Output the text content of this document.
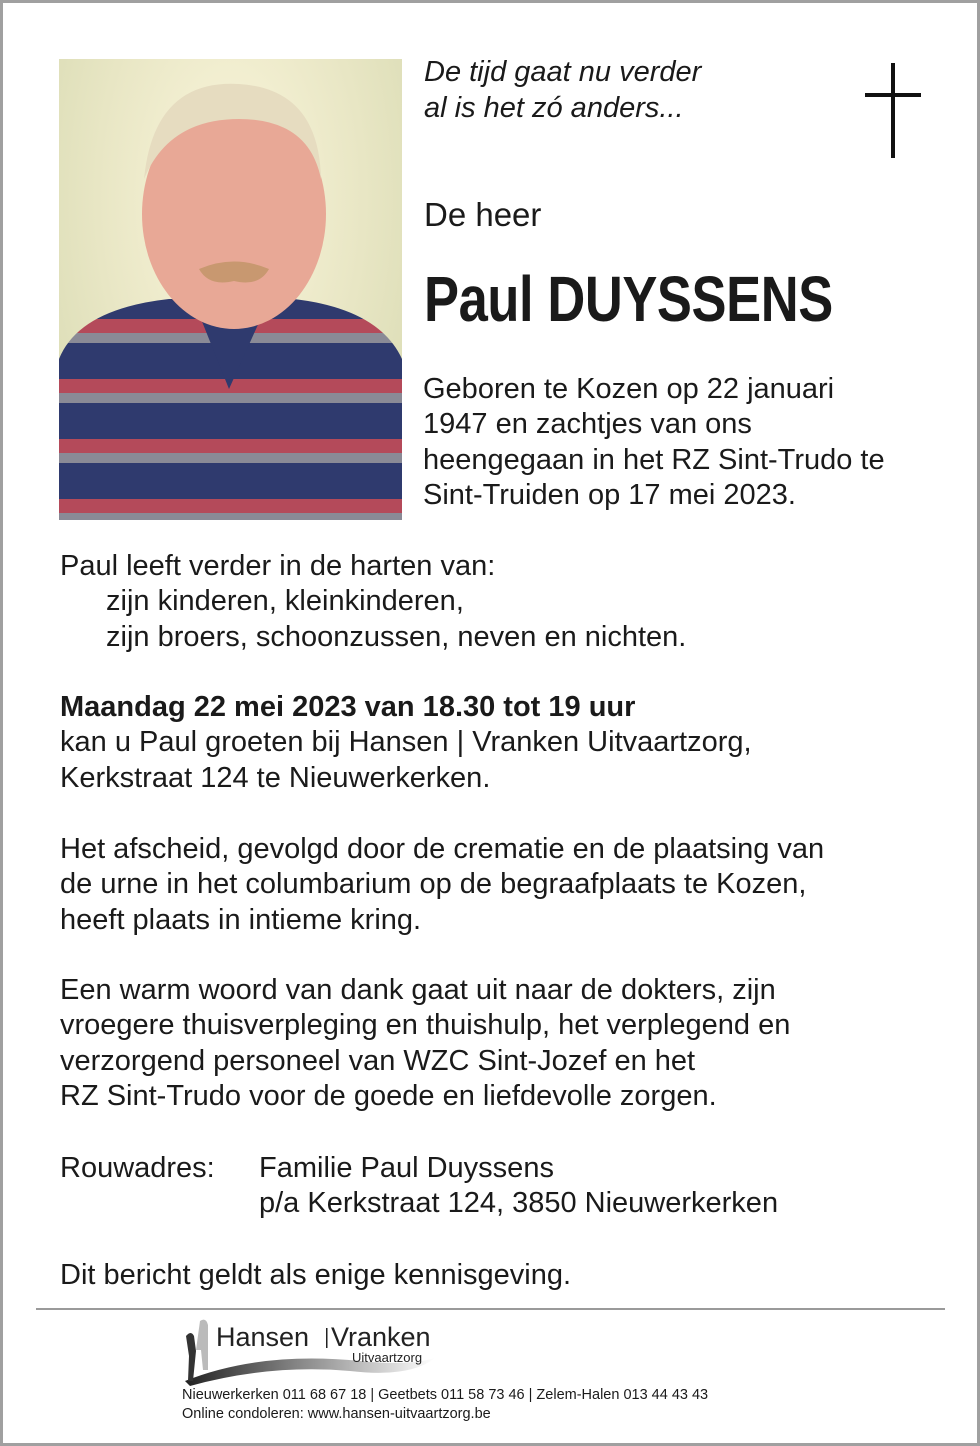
De tijd gaat nu verder
al is het zó anders...
De heer
Paul DUYSSENS
Geboren te Kozen op 22 januari
1947 en zachtjes van ons
heengegaan in het RZ Sint-Trudo te
Sint-Truiden op 17 mei 2023.
Paul leeft verder in de harten van:
zijn kinderen, kleinkinderen,
zijn broers, schoonzussen, neven en nichten.
Maandag 22 mei 2023 van 18.30 tot 19 uur
kan u Paul groeten bij Hansen | Vranken Uitvaartzorg,
Kerkstraat 124 te Nieuwerkerken.
Het afscheid, gevolgd door de crematie en de plaatsing van
de urne in het columbarium op de begraafplaats te Kozen,
heeft plaats in intieme kring.
Een warm woord van dank gaat uit naar de dokters, zijn
vroegere thuisverpleging en thuishulp, het verplegend en
verzorgend personeel van WZC Sint-Jozef en het
RZ Sint-Trudo voor de goede en liefdevolle zorgen.
Rouwadres: Familie Paul Duyssens
p/a Kerkstraat 124, 3850 Nieuwerkerken
Dit bericht geldt als enige kennisgeving.
Hansen Vranken
Uitvaartzorg
Nieuwerkerken 011 68 67 18 | Geetbets 011 58 73 46 | Zelem-Halen 013 44 43 43
Online condoleren: www.hansen-uitvaartzorg.be
